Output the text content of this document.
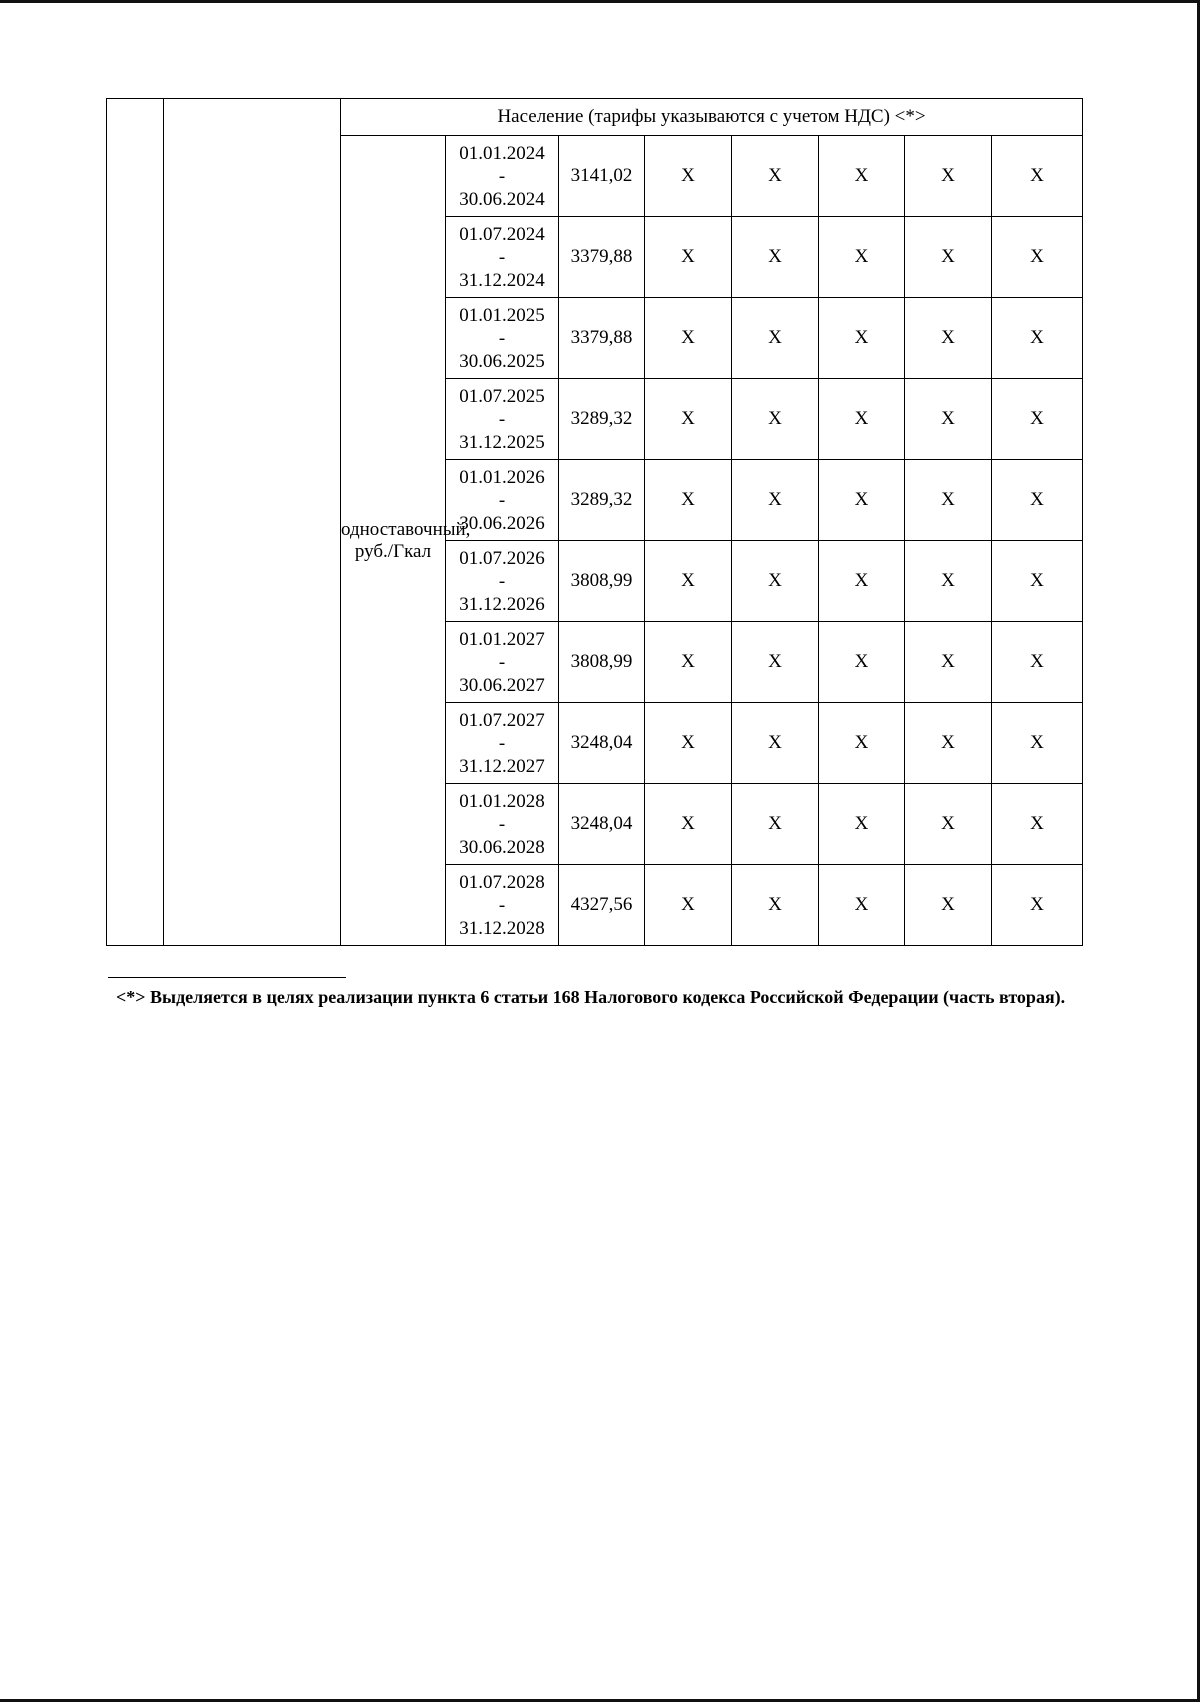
		Население (тарифы указываются с учетом НДС) <*>							
		одноставочный, руб./Гкал	01.01.2024
-
30.06.2024	3141,02	X	X	X	X	X

			01.07.2024
-
31.12.2024	3379,88	X	X	X	X	X

			01.01.2025
-
30.06.2025	3379,88	X	X	X	X	X

			01.07.2025
-
31.12.2025	3289,32	X	X	X	X	X

			01.01.2026
-
30.06.2026	3289,32	X	X	X	X	X

			01.07.2026
-
31.12.2026	3808,99	X	X	X	X	X

			01.01.2027
-
30.06.2027	3808,99	X	X	X	X	X

			01.07.2027
-
31.12.2027	3248,04	X	X	X	X	X

			01.01.2028
-
30.06.2028	3248,04	X	X	X	X	X

			01.07.2028
-
31.12.2028	4327,56	X	X	X	X	X
<*> Выделяется в целях реализации пункта 6 статьи 168 Налогового кодекса Российской Федерации (часть вторая).
